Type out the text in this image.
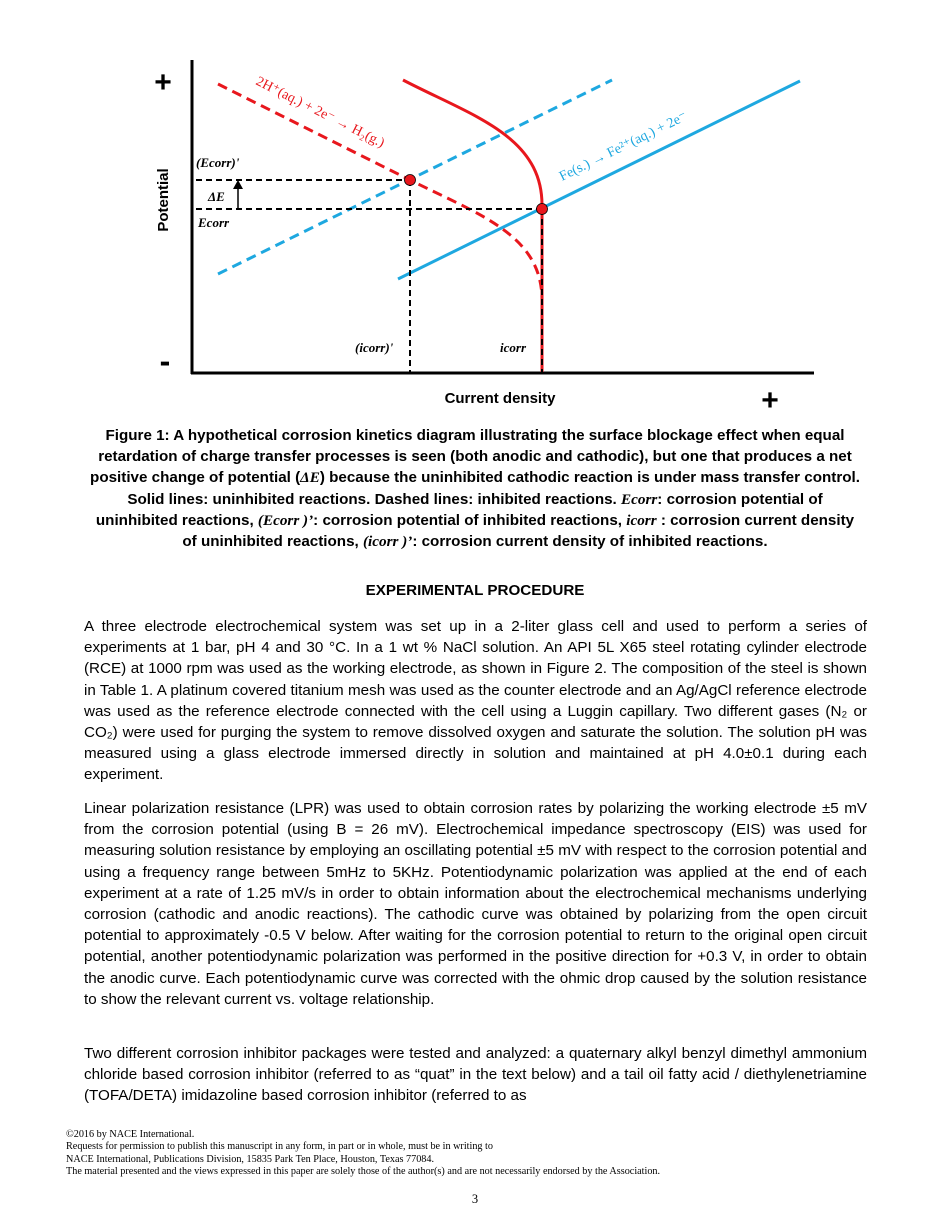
+
-
+
Potential
Current density
2H⁺(aq.) + 2e⁻ → H₂(g.)	Fe(s.) → Fe²⁺(aq.) + 2e⁻
(Ecorr)'
ΔE
Ecorr
(icorr)'	icorr
Figure 1: A hypothetical corrosion kinetics diagram illustrating the surface blockage effect when equal retardation of charge transfer processes is seen (both anodic and cathodic), but one that produces a net positive change of potential (ΔE) because the uninhibited cathodic reaction is under mass transfer control. Solid lines: uninhibited reactions. Dashed lines: inhibited reactions. Ecorr: corrosion potential of uninhibited reactions, (Ecorr )’: corrosion potential of inhibited reactions, icorr : corrosion current density of uninhibited reactions, (icorr )’: corrosion current density of inhibited reactions.
EXPERIMENTAL PROCEDURE

A three electrode electrochemical system was set up in a 2-liter glass cell and used to perform a series of experiments at 1 bar, pH 4 and 30 °C. In a 1 wt % NaCl solution. An API 5L X65 steel rotating cylinder electrode (RCE) at 1000 rpm was used as the working electrode, as shown in Figure 2. The composition of the steel is shown in Table 1. A platinum covered titanium mesh was used as the counter electrode and an Ag/AgCl reference electrode was used as the reference electrode connected with the cell using a Luggin capillary. Two different gases (N₂ or CO₂) were used for purging the system to remove dissolved oxygen and saturate the solution. The solution pH was measured using a glass electrode immersed directly in solution and maintained at pH 4.0±0.1 during each experiment.

Linear polarization resistance (LPR) was used to obtain corrosion rates by polarizing the working electrode ±5 mV from the corrosion potential (using B = 26 mV). Electrochemical impedance spectroscopy (EIS) was used for measuring solution resistance by employing an oscillating potential ±5 mV with respect to the corrosion potential and using a frequency range between 5mHz to 5KHz. Potentiodynamic polarization was applied at the end of each experiment at a rate of 1.25 mV/s in order to obtain information about the electrochemical mechanisms underlying corrosion (cathodic and anodic reactions). The cathodic curve was obtained by polarizing from the open circuit potential to approximately -0.5 V below. After waiting for the corrosion potential to return to the original open circuit potential, another potentiodynamic polarization was performed in the positive direction for +0.3 V, in order to obtain the anodic curve. Each potentiodynamic curve was corrected with the ohmic drop caused by the solution resistance to show the relevant current vs. voltage relationship.

Two different corrosion inhibitor packages were tested and analyzed: a quaternary alkyl benzyl dimethyl ammonium chloride based corrosion inhibitor (referred to as “quat” in the text below) and a tail oil fatty acid / diethylenetriamine (TOFA/DETA) imidazoline based corrosion inhibitor (referred to as

©2016 by NACE International.
Requests for permission to publish this manuscript in any form, in part or in whole, must be in writing to
NACE International, Publications Division, 15835 Park Ten Place, Houston, Texas 77084.
The material presented and the views expressed in this paper are solely those of the author(s) and are not necessarily endorsed by the Association.
3
